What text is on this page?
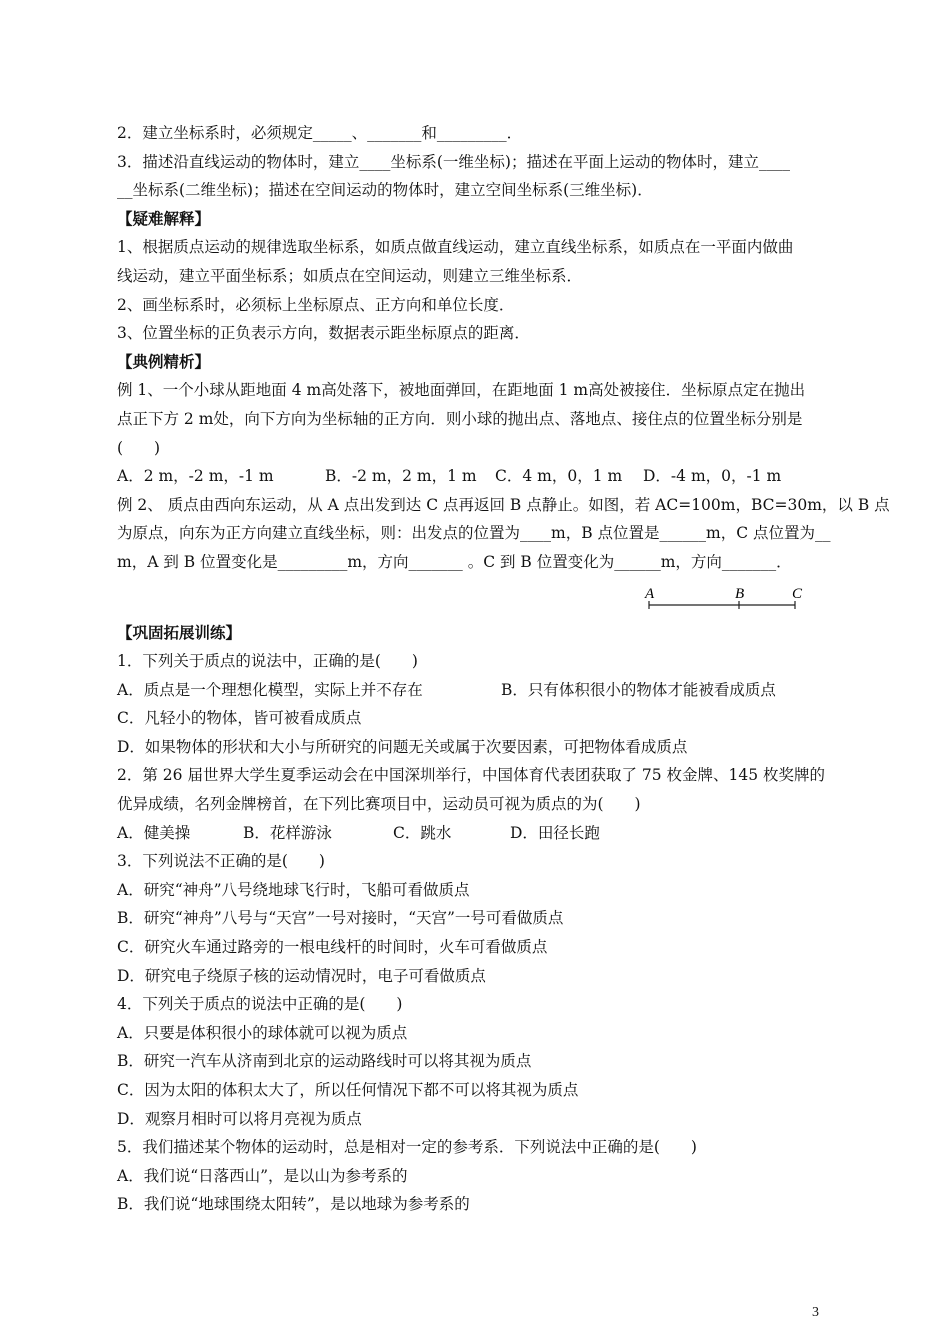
2．建立坐标系时，必须规定_____、_______和_________．

3．描述沿直线运动的物体时，建立____坐标系(一维坐标)；描述在平面上运动的物体时，建立____

__坐标系(二维坐标)；描述在空间运动的物体时，建立空间坐标系(三维坐标)．

【疑难解释】

1、根据质点运动的规律选取坐标系，如质点做直线运动，建立直线坐标系，如质点在一平面内做曲

线运动，建立平面坐标系；如质点在空间运动，则建立三维坐标系．

2、画坐标系时，必须标上坐标原点、正方向和单位长度．

3、位置坐标的正负表示方向，数据表示距坐标原点的距离．

【典例精析】

例 1、一个小球从距地面 4 m高处落下，被地面弹回，在距地面 1 m高处被接住．坐标原点定在抛出

点正下方 2 m处，向下方向为坐标轴的正方向．则小球的抛出点、落地点、接住点的位置坐标分别是

(　　)

A．2 m，-2 m，-1 m	B．-2 m，2 m，1 m	C．4 m，0，1 m	D．-4 m，0，-1 m

例 2、 质点由西向东运动，从 A 点出发到达 C 点再返回 B 点静止。如图，若 AC=100m，BC=30m，以 B 点

为原点，向东为正方向建立直线坐标，则：出发点的位置为____m，B 点位置是______m，C 点位置为__

m，A 到 B 位置变化是_________m，方向_______ 。C 到 B 位置变化为______m，方向_______．

A	B	C

【巩固拓展训练】

1．下列关于质点的说法中，正确的是(　　)

A．质点是一个理想化模型，实际上并不存在	B．只有体积很小的物体才能被看成质点

C．凡轻小的物体，皆可被看成质点

D．如果物体的形状和大小与所研究的问题无关或属于次要因素，可把物体看成质点

2．第 26 届世界大学生夏季运动会在中国深圳举行，中国体育代表团获取了 75 枚金牌、145 枚奖牌的

优异成绩，名列金牌榜首，在下列比赛项目中，运动员可视为质点的为(　　)

A．健美操	B．花样游泳	C．跳水	D．田径长跑

3．下列说法不正确的是(　　)

A．研究“神舟”八号绕地球飞行时，飞船可看做质点

B．研究“神舟”八号与“天宫”一号对接时，“天宫”一号可看做质点

C．研究火车通过路旁的一根电线杆的时间时，火车可看做质点

D．研究电子绕原子核的运动情况时，电子可看做质点

4．下列关于质点的说法中正确的是(　　)

A．只要是体积很小的球体就可以视为质点

B．研究一汽车从济南到北京的运动路线时可以将其视为质点

C．因为太阳的体积太大了，所以任何情况下都不可以将其视为质点

D．观察月相时可以将月亮视为质点

5．我们描述某个物体的运动时，总是相对一定的参考系．下列说法中正确的是(　　)

A．我们说“日落西山”，是以山为参考系的

B．我们说“地球围绕太阳转”，是以地球为参考系的

3
